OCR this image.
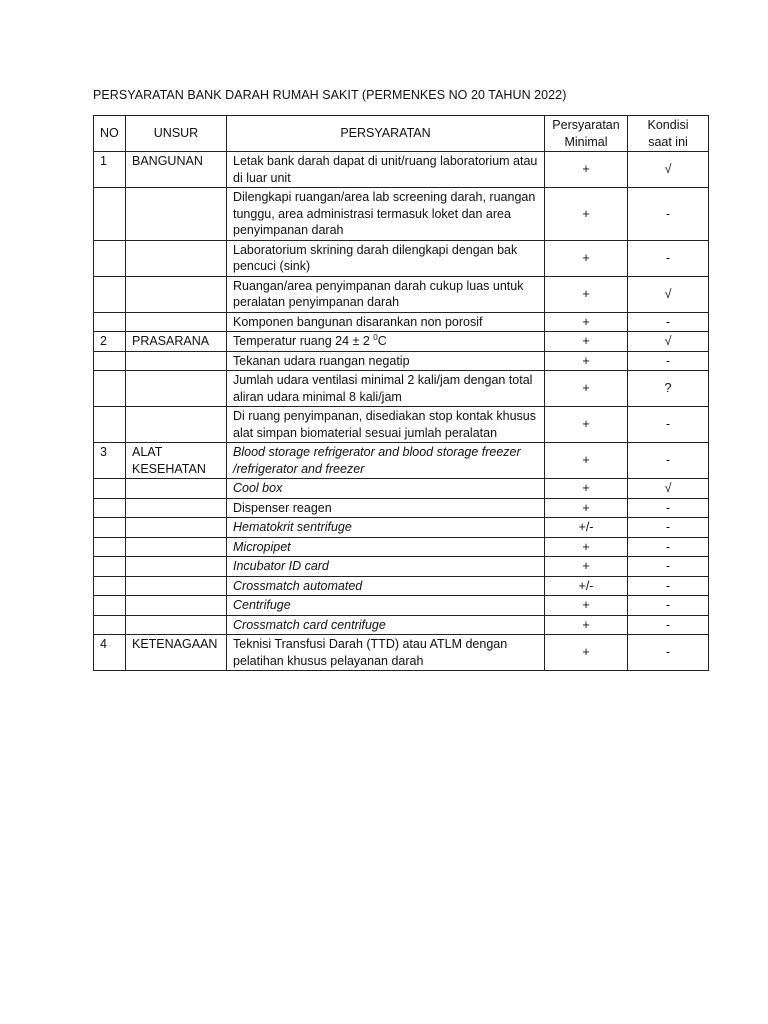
PERSYARATAN BANK DARAH RUMAH SAKIT (PERMENKES NO 20 TAHUN 2022)
NO	UNSUR	PERSYARATAN	Persyaratan Minimal	Kondisi saat ini
1	BANGUNAN	Letak bank darah dapat di unit/ruang laboratorium atau di luar unit	+	√
		Dilengkapi ruangan/area lab screening darah, ruangan tunggu, area administrasi termasuk loket dan area penyimpanan darah	+	-
		Laboratorium skrining darah dilengkapi dengan bak pencuci (sink)	+	-
		Ruangan/area penyimpanan darah cukup luas untuk peralatan penyimpanan darah	+	√
		Komponen bangunan disarankan non porosif	+	-
2	PRASARANA	Temperatur ruang 24 ± 2 $^0$C	+	√
		Tekanan udara ruangan negatip	+	-
		Jumlah udara ventilasi minimal 2 kali/jam dengan total aliran udara minimal 8 kali/jam	+	?
		Di ruang penyimpanan, disediakan stop kontak khusus alat simpan biomaterial sesuai jumlah peralatan	+	-
3	ALAT KESEHATAN	Blood storage refrigerator and blood storage freezer /refrigerator and freezer	+	-
		Cool box	+	√
		Dispenser reagen	+	-
		Hematokrit sentrifuge	+/-	-
		Micropipet	+	-
		Incubator ID card	+	-
		Crossmatch automated	+/-	-
		Centrifuge	+	-
		Crossmatch card centrifuge	+	-
4	KETENAGAAN	Teknisi Transfusi Darah (TTD) atau ATLM dengan pelatihan khusus pelayanan darah	+	-
